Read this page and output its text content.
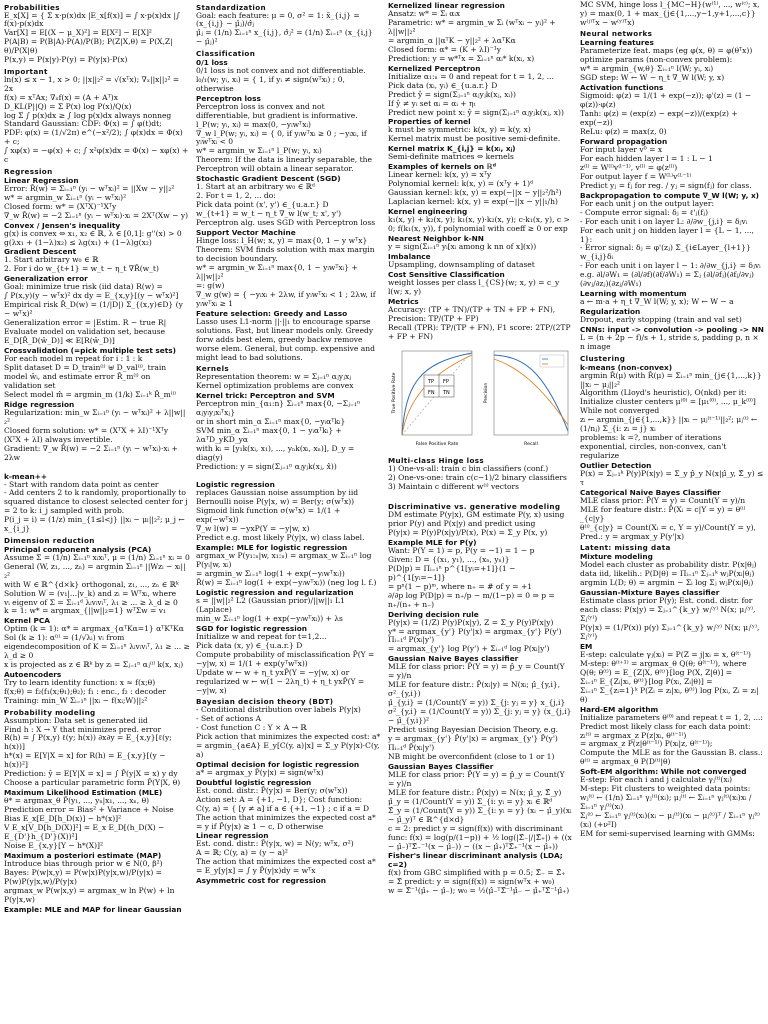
Probabilities
E_x[X] = { Σ x·p(x)dx |E_x[f(x)] = ∫ x·p(x)dx |∫ f(x)·p(x)dx
Var[X] = E[(X − μ_X)²] = E[X²] − E[X]²
P(A|B) = P(B|A)·P(A)/P(B); P(Z|X,θ) = P(X,Z|θ)/P(X|θ)
P(x,y) = P(x|y)·P(y) = P(y|x)·P(x)
Important
ln(x) ≤ x − 1, x > 0; ||x||₂² = √(xᵀx); ∇ₓ||x||₂² = 2x
f(x) = xᵀAx; ∇ₓf(x) = (A + Aᵀ)x
D_KL(P||Q) = Σ P(x) log P(x)/Q(x)
log Σ ∫ p(x)dx ≥ ∫ log p(x)dx always nonneg
Standard Gaussian: CDF: Φ(x) = ∫ φ(t)dt;
PDF: φ(x) = (1/√2π) e^(−x²/2); ∫ φ(x)dx = Φ(x) + c;
∫ xφ(x) = −φ(x) + c; ∫ x²φ(x)dx = Φ(x) − xφ(x) + c
Regression
Linear Regression
Error: R̂(w) = Σᵢ₌₁ⁿ (yᵢ − wᵀxᵢ)² = ||Xw − y||₂²
w* = argmin_w Σᵢ₌₁ⁿ (yᵢ − wᵀxᵢ)²
Closed form: w* = (XᵀX)⁻¹Xᵀy
∇_w R̂(w) = −2 Σᵢ₌₁ⁿ (yᵢ − wᵀxᵢ)·xᵢ = 2Xᵀ(Xw − y)
Convex / Jensen's inequality
g(x) is convex ⇔ x₁, x₂ ∈ ℝ, λ ∈ [0,1]: g''(x) > 0
g(λx₁ + (1−λ)x₂) ≤ λg(x₁) + (1−λ)g(x₂)
Gradient Descent
1. Start arbitrary w₀ ∈ ℝ
2. For i do w_{t+1} = w_t − η_t ∇R̂(w_t)
Generalization error
Goal: minimize true risk (iid data) R(w) =
∫ P(x,y)(y − wᵀx)² dx dy = E_{x,y}[(y − wᵀx)²]
Empirical risk R̂_D(w) = (1/|D|) Σ_{(x,y)∈D} (y − wᵀx)²
Generalization error = |Estim. R − true R|
Evaluate model on validation set, because E_D[R̂_D(ŵ_D)] ≪ E[R(ŵ_D)]
Crossvalidation (=pick multiple test sets)
For each model m repeat for i : 1 : k
Split dataset D = D_train⁽ⁱ⁾ ⊎ D_val⁽ⁱ⁾, train model ŵᵢ, and estimate error R̂_m⁽ⁱ⁾ on validation set
Select model m̂ = argmin_m (1/k) Σᵢ₌₁ᵏ R̂_m⁽ⁱ⁾
Ridge regression
Regularization: min_w Σᵢ₌₁ⁿ (yᵢ − wᵀxᵢ)² + λ||w||₂²
Closed form solution: w* = (XᵀX + λI)⁻¹Xᵀy
(XᵀX + λI) always invertible.
Gradient: ∇_w R̂(w) = −2 Σᵢ₌₁ⁿ (yᵢ − wᵀxᵢ)·xᵢ + 2λw
k-mean++
- Start with random data point as center
- Add centers 2 to k randomly, proportionally to squared distance to closest selected center for j = 2 to k: i_j sampled with prob.
P(i_j = i) = (1/z) min_{1≤l<j} ||xᵢ − μₗ||₂²; μ_j ← x_{i_j}
Dimension reduction
Principal component analysis (PCA)
Assume Σ = (1/n) Σᵢ₌₁ⁿ xᵢxᵢᵀ, μ = (1/n) Σᵢ₌₁ⁿ xᵢ = 0
General (W, z₁, ..., zₙ) = argmin Σᵢ₌₁ⁿ ||Wzᵢ − xᵢ||₂²
with W ∈ ℝ^{d×k} orthogonal, z₁, ..., zₙ ∈ ℝᵏ
Solution W = (v₁|...|v_k) and zᵢ = Wᵀxᵢ, where
vᵢ eigenv of Σ = Σᵢ₌₁ᵈ λᵢvᵢvᵢᵀ, λ₁ ≥ ... ≥ λ_d ≥ 0
k = 1: w* = argmax_{||w||₂=1} wᵀΣw = v₁
Kernel PCA
Optim (k = 1): α* = argmax_{αᵀKα=1} αᵀKᵀKα
Sol (k ≥ 1): α⁽ⁱ⁾ = (1/√λᵢ) vᵢ from eigendecomposition of K = Σᵢ₌₁ⁿ λᵢvᵢvᵢᵀ, λ₁ ≥ ... ≥ λ_d ≥ 0
x is projected as z ∈ ℝᵏ by zᵢ = Σⱼ₌₁ⁿ αⱼ⁽ⁱ⁾ k(x, xⱼ)
Autoencoders
Try to learn identity function: x ≈ f(x;θ)
f(x;θ) = f₂(f₁(x;θ₁);θ₂); f₁ : enc., f₂ : decoder
Training: min_W Σᵢ₌₁ⁿ ||xᵢ − f(xᵢ;W)||₂²
Probability modeling
Assumption: Data set is generated iid
Find h : X → Y that minimizes pred. error
R(h) = ∫ P(x,y) ℓ(y; h(x)) ∂x∂y = E_{x,y}[ℓ(y; h(x))]
h*(x) = E[Y|X = x] for R(h) = E_{x,y}[(y − h(x))²]
Prediction: ŷ = E[Y|X = x] = ∫ P̂(y|X = x) y dy
Choose a particular parametric form P̂(Y|X, θ)
Maximum Likelihood Estimation (MLE)
θ* = argmax_θ P̂(y₁, ..., yₙ|x₁, ..., xₙ, θ)
Prediction error = Bias² + Variance + Noise
Bias E_x[E_D[h_D(x)] − h*(x)]²
V E_x[V_D[h_D(X)]²] = E_x E_D[(h_D(X) − E_{D'}h_{D'}(X))²]
Noise E_{x,y}[Y − h*(X)]²
Maximum a posteriori estimate (MAP)
Introduce bias through prior w ∈ N(0, β²)
Bayes: P(w|x,y) = P(w|x)P(y|x,w)/P(y|x) = P(w)P(y|x,w)/P(y|x)
argmax_w P(w|x,y) = argmax_w ln P(w) + ln P(y|x,w)
Example: MLE and MAP for linear Gaussian
Standardization
Goal: each feature: μ = 0, σ² = 1: x̃_{i,j} = (x_{i,j} − μ̂ⱼ)/σ̂ⱼ
μ̂ⱼ = (1/n) Σᵢ₌₁ⁿ x_{i,j}, σ̂ⱼ² = (1/n) Σᵢ₌₁ⁿ (x_{i,j} − μ̂ⱼ)²
Classification
0/1 loss
0/1 loss is not convex and not differentiable.
l₀/₁(w; yᵢ, xᵢ) = { 1, if yᵢ ≠ sign(wᵀxᵢ) ; 0, otherwise
Perceptron loss
Perceptron loss is convex and not differentiable, but gradient is informative.
l_P(w; yᵢ, xᵢ) = max(0, −yᵢwᵀxᵢ)
∇_w l_P(w; yᵢ, xᵢ) = { 0, if yᵢwᵀxᵢ ≥ 0 ; −yᵢxᵢ, if yᵢwᵀxᵢ < 0
w* = argmin_w Σᵢ₌₁ⁿ l_P(w; yᵢ, xᵢ)
Theorem: If the data is linearly separable, the Perceptron will obtain a linear separator.
Stochastic Gradient Descent (SGD)
1. Start at an arbitrary w₀ ∈ ℝᵈ
2. For t = 1, 2, ... do:
Pick data point (x', y') ∈_{u.a.r.} D
w_{t+1} = w_t − η_t ∇_w l(w_t; x', y')
Perceptron alg. uses SGD with Perceptron loss
Support Vector Machine
Hinge loss: l_H(w; x, y) = max{0, 1 − y wᵀx}
Theorem: SVM finds solution with max margin to decision boundary.
w* = argmin_w Σᵢ₌₁ⁿ max{0, 1 − yᵢwᵀxᵢ} + λ||w||₂²
=: g(w)
∇_w g(w) = { −yᵢxᵢ + 2λw, if yᵢwᵀxᵢ < 1 ; 2λw, if yᵢwᵀxᵢ ≥ 1
Feature selection: Greedy and Lasso
Lasso uses L1-norm ||·||₁ to encourage sparse solutions. Fast, but linear models only. Greedy forw adds best elem, greedy backw remove worse elem. General, but comp. expensive and might lead to bad solutions.
Kernels
Representation theorem: w = Σⱼ₌₁ⁿ αⱼyⱼxⱼ
Kernel optimization problems are convex
Kernel trick: Perceptron and SVM
Perceptron min_{α₁:n} Σᵢ₌₁ⁿ max{0, −Σⱼ₌₁ⁿ αⱼyᵢyⱼxᵢᵀxⱼ}
or in short min_α Σᵢ₌₁ⁿ max{0, −yᵢαᵀkᵢ}
SVM min_α Σᵢ₌₁ⁿ max{0, 1 − yᵢαᵀkᵢ} + λαᵀD_yKD_yα
with kᵢ = [y₁k(xᵢ, x₁), ..., yₙk(xᵢ, xₙ)], D_y = diag(y)
Prediction: y = sign(Σⱼ₌₁ⁿ αⱼyⱼk(xⱼ, x̂))
Logistic regression
replaces Gaussian noise assumption by iid Bernoulli noise P(y|x, w) = Ber(y; σ(wᵀx))
Sigmoid link function σ(wᵀx) = 1/(1 + exp(−wᵀx))
∇_w l(w) = −yxP(Y = −y|w, x)
Predict e.g. most likely P(y|x, w) class label.
Example: MLE for logistic regression
argmax_w P(y₁:ₙ|w, x₁:ₙ) = argmax_w Σᵢ₌₁ⁿ log P(yᵢ|w, xᵢ)
= argmin_w Σᵢ₌₁ⁿ log(1 + exp(−yᵢwᵀxᵢ))
R̂(w) = Σᵢ₌₁ⁿ log(1 + exp(−yᵢwᵀxᵢ)) (neg log l. f.)
Logistic regression and regularization
s = ||w||₂² L2 (Gaussian prior)/||w||₁ L1 (Laplace)
min_w Σᵢ₌₁ⁿ log(1 + exp(−yᵢwᵀxᵢ)) + λs
SGD for logistic regression
Initialize w and repeat for t=1,2...
Pick data (x, y) ∈_{u.a.r.} D
Compute probability of misclassification P̂(Y = −y|w, x) = 1/(1 + exp(yᵀwᵀx))
Update w ← w + η_t yxP̂(Y = −y|w, x) or regularized w ← w(1 − 2λη_t) + η_t yxP̂(Y = −y|w, x)
Bayesian decision theory (BDT)
- Conditional distribution over labels P(y|x)
- Set of actions A
- Cost function C : Y × A → ℝ
Pick action that minimizes the expected cost: a* = argmin_{a∈A} E_y[C(y, a)|x] = Σ_y P(y|x)·C(y, a)
Optimal decision for logistic regression
a* = argmax_y P̂(y|x) = sign(wᵀx)
Doubtful logistic regression
Est. cond. distr.: P̂(y|x) = Ber(y; σ(wᵀx))
Action set: A = {+1, −1, D}; Cost function:
C(y, a) = { [y ≠ a] if a ∈ {+1, −1} ; c if a = D
The action that minimizes the expected cost a* = y if P̂(y|x) ≥ 1 − c, D otherwise
Linear regression
Est. cond. distr.: P̂(y|x, w) = N(y; wᵀx, σ²)
A = ℝ; C(y, a) = (y − a)²
The action that minimizes the expected cost a* = E_y[y|x] = ∫ y P̂(y|x)dy = wᵀx
Asymmetric cost for regression
Kernelized linear regression
Ansatz: w* = Σᵢ αᵢx
Parametric: w* = argmin_w Σᵢ (wᵀxᵢ − yᵢ)² + λ||w||₂²
= argmin_α ||αᵀK − y||₂² + λαᵀKα
Closed form: α* = (K + λI)⁻¹y
Prediction: y = w*ᵀx = Σᵢ₌₁ⁿ αᵢ* k(xᵢ, x)
Kernelized Perceptron
Initialize α₁:ₙ = 0 and repeat for t = 1, 2, ...
Pick data (xᵢ, yᵢ) ∈_{u.a.r.} D
Predict ŷ = sign(Σⱼ₌₁ⁿ αⱼyⱼk(xⱼ, xᵢ))
If ŷ ≠ yᵢ set αᵢ = αᵢ + ηₜ
Predict new point x: ŷ = sign(Σⱼ₌₁ⁿ αⱼyⱼk(xⱼ, x))
Properties of kernel
k must be symmetric: k(x, y) = k(y, x)
Kernel matrix must be positive semi-definite.
Kernel matrix K_{i,j} = k(xᵢ, xⱼ)
Semi-definite matrices ⇔ kernels
Examples of kernels on ℝᵈ
Linear kernel: k(x, y) = xᵀy
Polynomial kernel: k(x, y) = (xᵀy + 1)ᵈ
Gaussian kernel: k(x, y) = exp(−||x − y||₂²/h²)
Laplacian kernel: k(x, y) = exp(−||x − y||₁/h)
Kernel engineering
k₁(x, y) + k₂(x, y); k₁(x, y)·k₂(x, y); c·k₁(x, y), c > 0; f(k₁(x, y)), f polynomial with coeff ≥ 0 or exp
Nearest Neighbor k-NN
y = sign(Σᵢ₌₁ⁿ yᵢ[xᵢ among k nn of x](x))
Imbalance
Upsampling, downsampling of dataset
Cost Sensitive Classification
weight losses per class l_{CS}(w; x, y) = c_y l(w; x, y)
Metrics
Accuracy: (TP + TN)/(TP + TN + FP + FN), Precision: TP/(TP + FP)
Recall (TPR): TP/(TP + FN), F1 score: 2TP/(2TP + FP + FN)
TP FP
FN TN
False Positive Rate
True Positive Rate
Recall
Precision
Multi-class Hinge loss
1) One-vs-all: train c bin classifiers (conf.)
2) One-vs-one: train c(c−1)/2 binary classifiers
3) Maintain c different w⁽ⁱ⁾ vectors
Discriminative vs. generative modeling
DM estimate P(y|x), GM estimate P(y, x) using prior P(y) and P(x|y) and predict using
P(y|x) = P(y)P(x|y)/P(x), P(x) = Σ_y P(x, y)
Example MLE for P(y)
Want: P(Y = 1) = p, P(y = −1) = 1 − p
Given: D = {(x₁, y₁), ..., (xₙ, yₙ)}
P(D|p) = Πᵢ₌₁ⁿ p^{1[yᵢ=+1]}(1 − p)^{1[yᵢ=−1]}
= pⁿ(1 − p)ᵐ, where n₊ = # of y = +1
∂/∂p log P(D|p) = n₊/p − m/(1−p) = 0 ⇒ p = n₊/(n₊ + n₋)
Deriving decision rule
P(y|x) = (1/Z) P(y)P(x|y), Z = Σ_y P(y)P(x|y)
y* = argmax_{y'} P(y'|x) = argmax_{y'} P(y') Πᵢ₌₁ᵈ P(xᵢ|y')
= argmax_{y'} log P(y') + Σᵢ₌₁ᵈ log P(xᵢ|y')
Gaussian Naive Bayes classifier
MLE for class prior: P̂(Y = y) = p̂_y = Count(Y = y)/n
MLE for feature distr.: P̂(xᵢ|y) = N(xᵢ; μ̂_{y,i}, σ²_{y,i})
μ̂_{y,i} = (1/Count(Y = y)) Σ_{j: yⱼ = y} x_{j,i}
σ²_{y,i} = (1/Count(Y = y)) Σ_{j: yⱼ = y} (x_{j,i} − μ̂_{y,i})²
Predict using Bayesian Decision Theory, e.g.
y = argmax_{y'} P̂(y'|x) = argmax_{y'} P̂(y') Πᵢ₌₁ᵈ P̂(xᵢ|y')
NB might be overconfident (close to 1 or 1)
Gaussian Bayes Classifier
MLE for class prior: P̂(Y = y) = p̂_y = Count(Y = y)/n
MLE for feature distr.: P̂(x|y) = N(x; μ̂_y, Σ̂_y)
μ̂_y = (1/Count(Y = y)) Σ_{i: yᵢ = y} xᵢ ∈ ℝᵈ
Σ̂_y = (1/Count(Y = y)) Σ_{i: yᵢ = y} (xᵢ − μ̂_y)(xᵢ − μ̂_y)ᵀ ∈ ℝ^{d×d}
c = 2: predict y = sign(f(x)) with discriminant
func: f(x) = log(p/(1−p)) + ½ log(|Σ̂₋|/|Σ̂₊|) + ((x − μ̂₋)ᵀΣ̂₋⁻¹(x − μ̂₋)) − ((x − μ̂₊)ᵀΣ̂₊⁻¹(x − μ̂₊))
Fisher's linear discriminant analysis (LDA; c=2)
f(x) from GBC simplified with p = 0.5; Σ̂₋ = Σ̂₊ = Σ̂ predict: y = sign(f(x)) = sign(wᵀx + w₀)
w = Σ̂⁻¹(μ̂₊ − μ̂₋); w₀ = ½(μ̂₋ᵀΣ̂⁻¹μ̂₋ − μ̂₊ᵀΣ̂⁻¹μ̂₊)
MC SVM, hinge loss l_{MC−H}(w⁽¹⁾, ..., w⁽ᶜ⁾; x, y) = max(0, 1 + max_{j∈{1,...,y−1,y+1,...,c}} w⁽ʲ⁾ᵀx − w⁽ʸ⁾ᵀx)
Neural networks
Learning features
Parameterize feat. maps (eg φ(x, θ) = φ(θᵀx)) optimize params (non-convex problem):
w* = argmin_{w,θ} Σᵢ₌₁ⁿ l(W; yᵢ, xᵢ)
SGD step: W ← W − η_t ∇_W l(W; y, x)
Activation functions
Sigmoid: φ(z) = 1/(1 + exp(−z)); φ'(z) = (1 − φ(z))·φ(z)
Tanh: φ(z) = (exp(z) − exp(−z))/(exp(z) + exp(−z))
ReLu: φ(z) = max(z, 0)
Forward propagation
For input layer v⁰ = x
For each hidden layer l = 1 : L − 1
z⁽ˡ⁾ = W⁽ˡ⁾v⁽ˡ⁻¹⁾, v⁽ˡ⁾ = φ(z⁽ˡ⁾)
For output layer f = W⁽ᴸ⁾v⁽ᴸ⁻¹⁾
Predict yⱼ = fⱼ for reg. / yⱼ = sign(fⱼ) for class.
Backpropagation to compute ∇_W l(W; y, x)
For each unit j on the output layer:
- Compute error signal: δⱼ = ℓ'ⱼ(fⱼ)
- For each unit i on layer L: ∂/∂w_{j,i} = δⱼvᵢ
For each unit j on hidden layer l = {L − 1, ..., 1}:
- Error signal: δⱼ = φ'(zⱼ) Σ_{i∈Layer_{l+1}} w_{i,j}δᵢ
- For each unit i on layer l − 1: ∂/∂w_{j,i} = δⱼvᵢ
e.g. ∂l/∂W₁ = (∂l/∂f)(∂f/∂W₁) = Σⱼ (∂l/∂fⱼ)(∂fⱼ/∂vⱼ)(∂vⱼ/∂zⱼ)(∂zⱼ/∂W₁)
Learning with momentum
a ← m·a + η_t ∇_W l(W; y, x); W ← W − a
Regularization
Dropout, early stopping (train and val set)
CNNs: input -> convolution -> pooling -> NN
L = (n + 2p − f)/s + 1, stride s, padding p, n × n image
Clustering
k-means (non-convex)
argmin R̂(μ) with R̂(μ) = Σᵢ₌₁ⁿ min_{j∈{1,...,k}} ||xᵢ − μⱼ||₂²
Algorithm (Lloyd's heuristic), O(nkd) per it: Initialize cluster centers μ⁽⁰⁾ = [μ₁⁽⁰⁾, ..., μ_k⁽⁰⁾]
While not converged
zᵢ ← argmin_{j∈{1,...,k}} ||xᵢ − μⱼ⁽ᵗ⁻¹⁾||₂²; μⱼ⁽ᵗ⁾ ← (1/nⱼ) Σ_{i: zᵢ = j} xᵢ
problems: k =?, number of iterations exponential, circles, non-convex, can't regularize
Outlier Detection
P(x) = Σⱼ₌₁ᵏ P(y)P(x|y) = Σ_y p̂_y N(x|μ̂_y, Σ̂_y) ≤ τ
Categorical Naive Bayes Classifier
MLE class prior: P̂(Y = y) = Count(Y = y)/n
MLE for feature distr.: P̂(Xᵢ = c|Y = y) = θ⁽ⁱ⁾_{c|y}
θ⁽ⁱ⁾_{c|y} = Count(Xᵢ = c, Y = y)/Count(Y = y), Pred.: y = argmax_y P(y'|x)
Latent: missing data
Mixture modeling
Model each cluster as probability distr. P(x|θⱼ)
data iid, likelih.: P(D|θ) = Πᵢ₌₁ⁿ Σⱼ₌₁ᵏ wⱼP(xᵢ|θⱼ)
argmin L(D; θ) = argmin − Σᵢ log Σⱼ wⱼP(xᵢ|θⱼ)
Gaussian-Mixture Bayes classifier
Estimate class prior P(y); Est. cond. distr. for each class: P(x|y) = Σⱼ₌₁^{k_y} wⱼ⁽ʸ⁾ N(x; μⱼ⁽ʸ⁾, Σⱼ⁽ʸ⁾)
P(y|x) = (1/P(x)) p(y) Σⱼ₌₁^{k_y} wⱼ⁽ʸ⁾ N(x; μⱼ⁽ʸ⁾, Σⱼ⁽ʸ⁾)
EM
E-step: calculate γⱼ(xᵢ) = P(Z = j|xᵢ = x, θ⁽ᵗ⁻¹⁾)
M-step: θ⁽ᵗ⁺¹⁾ = argmax_θ Q(θ; θ⁽ᵗ⁻¹⁾), where
Q(θ; θ⁽ᵗ⁾) = E_{Z|X, θ⁽ᵗ⁾}[log P(X, Z|θ)] =
Σᵢ₌₁ⁿ E_{Zᵢ|xᵢ, θ⁽ᵗ⁾}[log P(xᵢ, Zᵢ|θ)] =
Σᵢ₌₁ⁿ Σ_{zᵢ=1}ᵏ P(Zᵢ = zᵢ|xᵢ, θ⁽ᵗ⁾) log P(xᵢ, Zᵢ = zᵢ|θ)
Hard-EM algorithm
Initialize parameters θ⁽⁰⁾ and repeat t = 1, 2, ...: Predict most likely class for each data point:
zᵢ⁽ᵗ⁾ = argmax_z P(z|xᵢ, θ⁽ᵗ⁻¹⁾)
= argmax_z P(z|θ⁽ᵗ⁻¹⁾) P(xᵢ|z, θ⁽ᵗ⁻¹⁾);
Compute the MLE as for the Gaussian B. class.: θ⁽ᵗ⁾ = argmax_θ P(D⁽ᵗ⁾|θ)
Soft-EM algorithm: While not converged
E-step: For each i and j calculate γⱼ⁽ᵗ⁾(xᵢ)
M-step: Fit clusters to weighted data points:
wⱼ⁽ᵗ⁾ ← (1/n) Σᵢ₌₁ⁿ γⱼ⁽ᵗ⁾(xᵢ); μⱼ⁽ᵗ⁾ ← Σᵢ₌₁ⁿ γⱼ⁽ᵗ⁾(xᵢ)xᵢ / Σᵢ₌₁ⁿ γⱼ⁽ᵗ⁾(xᵢ)
Σⱼ⁽ᵗ⁾ ← Σᵢ₌₁ⁿ γⱼ⁽ᵗ⁾(xᵢ)(xᵢ − μⱼ⁽ᵗ⁾)(xᵢ − μⱼ⁽ᵗ⁾)ᵀ / Σᵢ₌₁ⁿ γⱼ⁽ᵗ⁾(xᵢ) (+ν²I)
EM for semi-supervised learning with GMMs:
